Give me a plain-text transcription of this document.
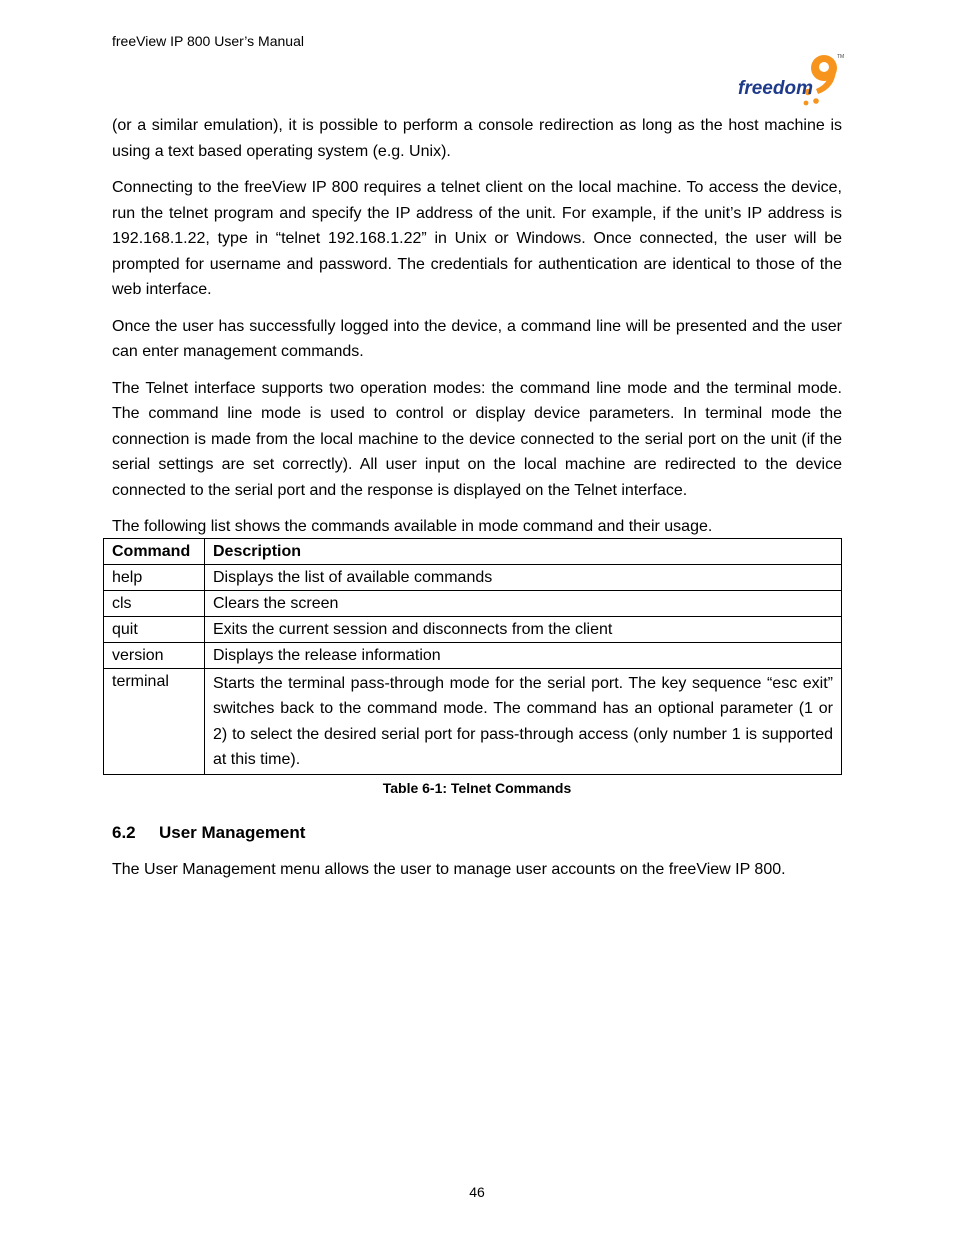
freeView IP 800 User’s Manual
freedom
TM

(or a similar emulation), it is possible to perform a console redirection as long as the host machine is using a text based operating system (e.g. Unix).

Connecting to the freeView IP 800 requires a telnet client on the local machine. To access the device, run the telnet program and specify the IP address of the unit. For example, if the unit’s IP address is 192.168.1.22, type in “telnet 192.168.1.22” in Unix or Windows. Once connected, the user will be prompted for username and password. The credentials for authentication are identical to those of the web interface.

Once the user has successfully logged into the device, a command line will be presented and the user can enter management commands.

The Telnet interface supports two operation modes: the command line mode and the terminal mode. The command line mode is used to control or display device parameters. In terminal mode the connection is made from the local machine to the device connected to the serial port on the unit (if the serial settings are set correctly). All user input on the local machine are redirected to the device connected to the serial port and the response is displayed on the Telnet interface.

The following list shows the commands available in mode command and their usage.

Command	Description
help	Displays the list of available commands
cls	Clears the screen
quit	Exits the current session and disconnects from the client
version	Displays the release information
terminal	Starts the terminal pass-through mode for the serial port. The key sequence “esc exit” switches back to the command mode. The command has an optional parameter (1 or 2) to select the desired serial port for pass-through access (only number 1 is supported at this time).
Table 6-1: Telnet Commands
6.2 User Management

The User Management menu allows the user to manage user accounts on the freeView IP 800.

46
